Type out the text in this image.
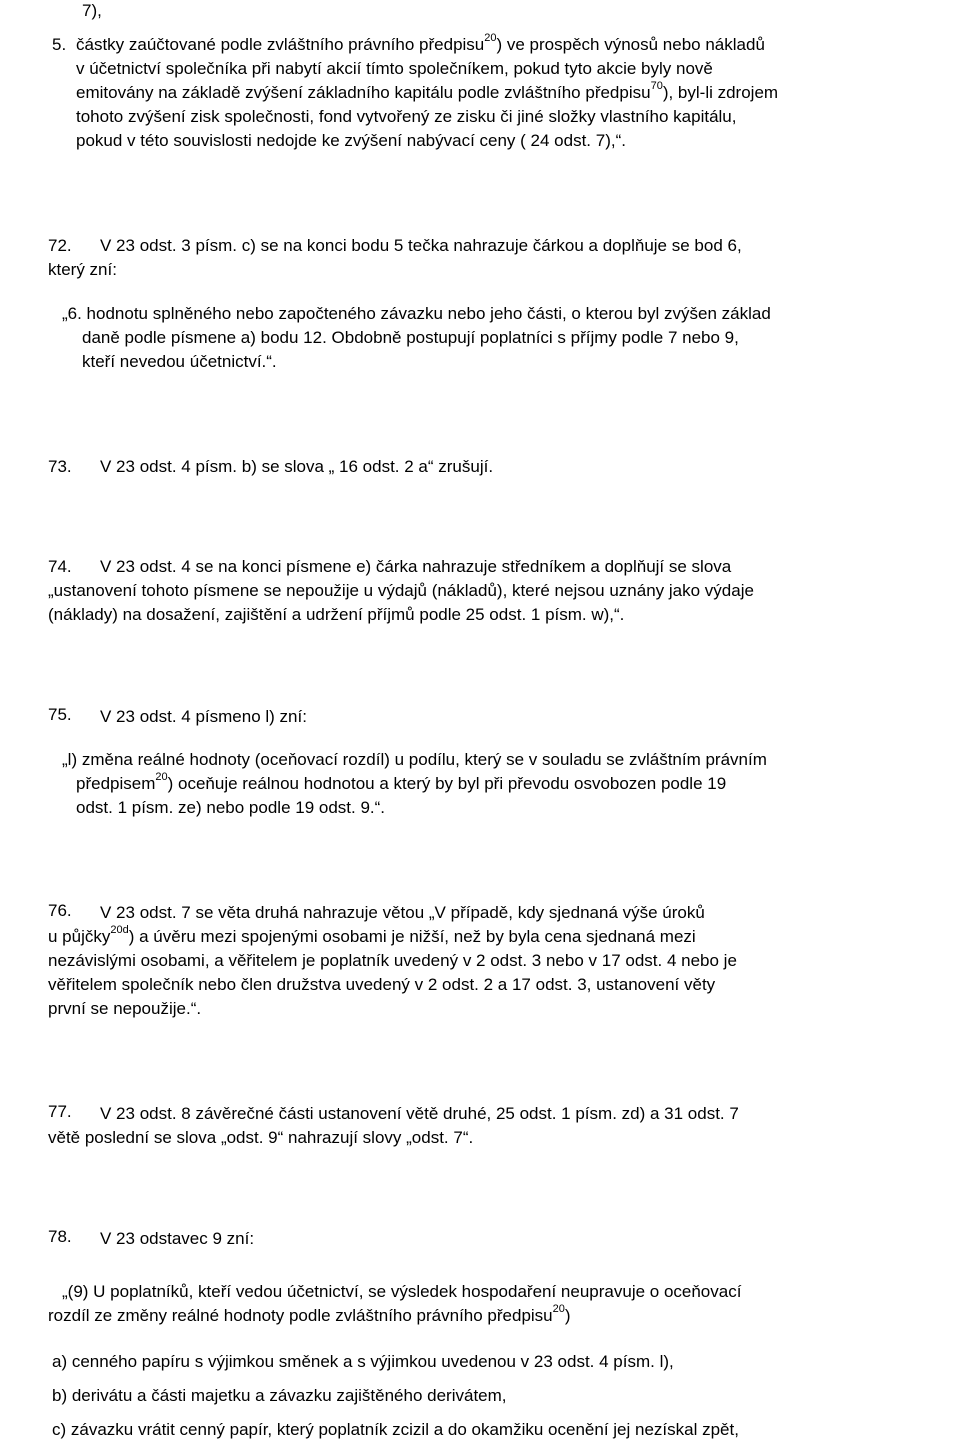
7),
5. částky zaúčtované podle zvláštního právního předpisu$^{20}$) ve prospěch výnosů nebo nákladů
v účetnictví společníka při nabytí akcií tímto společníkem, pokud tyto akcie byly nově
emitovány na základě zvýšení základního kapitálu podle zvláštního předpisu$^{70}$), byl-li zdrojem
tohoto zvýšení zisk společnosti, fond vytvořený ze zisku či jiné složky vlastního kapitálu,
pokud v této souvislosti nedojde ke zvýšení nabývací ceny ( 24 odst. 7),“.
72. V 23 odst. 3 písm. c) se na konci bodu 5 tečka nahrazuje čárkou a doplňuje se bod 6,
který zní:
„6. hodnotu splněného nebo započteného závazku nebo jeho části, o kterou byl zvýšen základ
daně podle písmene a) bodu 12. Obdobně postupují poplatníci s příjmy podle 7 nebo 9,
kteří nevedou účetnictví.“.
73. V 23 odst. 4 písm. b) se slova „ 16 odst. 2 a“ zrušují.
74. V 23 odst. 4 se na konci písmene e) čárka nahrazuje středníkem a doplňují se slova
„ustanovení tohoto písmene se nepoužije u výdajů (nákladů), které nejsou uznány jako výdaje
(náklady) na dosažení, zajištění a udržení příjmů podle 25 odst. 1 písm. w),“.
75. V 23 odst. 4 písmeno l) zní:
„l) změna reálné hodnoty (oceňovací rozdíl) u podílu, který se v souladu se zvláštním právním
předpisem$^{20}$) oceňuje reálnou hodnotou a který by byl při převodu osvobozen podle 19
odst. 1 písm. ze) nebo podle 19 odst. 9.“.
76. V 23 odst. 7 se věta druhá nahrazuje větou „V případě, kdy sjednaná výše úroků
u půjčky$^{20d}$) a úvěru mezi spojenými osobami je nižší, než by byla cena sjednaná mezi
nezávislými osobami, a věřitelem je poplatník uvedený v 2 odst. 3 nebo v 17 odst. 4 nebo je
věřitelem společník nebo člen družstva uvedený v 2 odst. 2 a 17 odst. 3, ustanovení věty
první se nepoužije.“.
77. V 23 odst. 8 závěrečné části ustanovení větě druhé, 25 odst. 1 písm. zd) a 31 odst. 7
větě poslední se slova „odst. 9“ nahrazují slovy „odst. 7“.
78. V 23 odstavec 9 zní:
„(9) U poplatníků, kteří vedou účetnictví, se výsledek hospodaření neupravuje o oceňovací
rozdíl ze změny reálné hodnoty podle zvláštního právního předpisu$^{20}$)
a) cenného papíru s výjimkou směnek a s výjimkou uvedenou v 23 odst. 4 písm. l),
b) derivátu a části majetku a závazku zajištěného derivátem,
c) závazku vrátit cenný papír, který poplatník zcizil a do okamžiku ocenění jej nezískal zpět,
